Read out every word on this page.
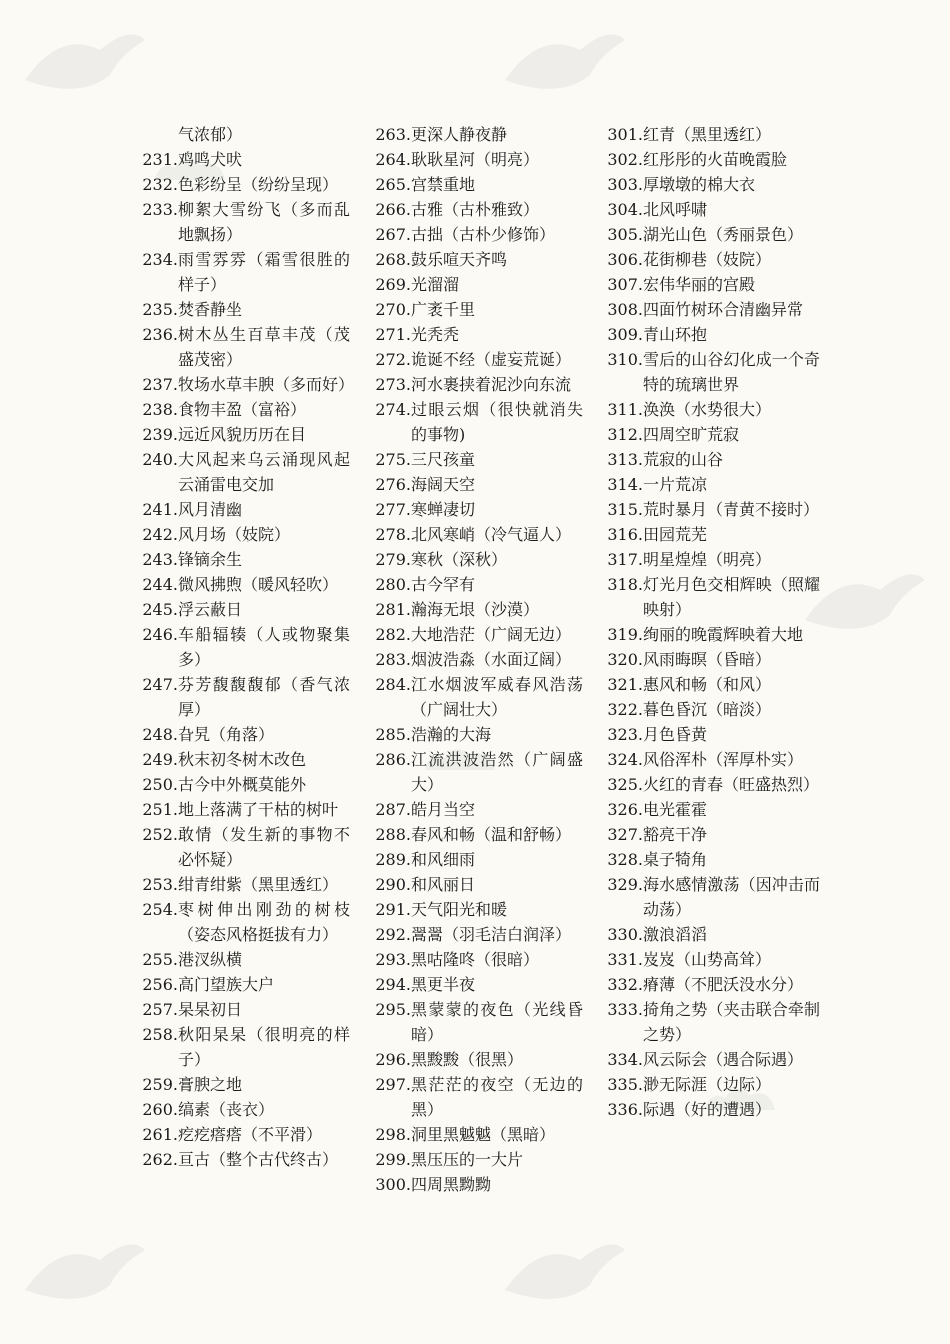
气浓郁）
231. 鸡鸣犬吠
232. 色彩纷呈（纷纷呈现）
233. 柳絮大雪纷飞（多而乱地飘扬）
234. 雨雪雰雰（霜雪很胜的样子）
235. 焚香静坐
236. 树木丛生百草丰茂（茂盛茂密）
237. 牧场水草丰腴（多而好）
238. 食物丰盈（富裕）
239. 远近风貌历历在目
240. 大风起来乌云涌现风起云涌雷电交加
241. 风月清幽
242. 风月场（妓院）
243. 锋镝余生
244. 微风拂煦（暖风轻吹）
245. 浮云蔽日
246. 车船辐辏（人或物聚集多）
247. 芬芳馥馥馥郁（香气浓厚）
248. 旮旯（角落）
249. 秋末初冬树木改色
250. 古今中外概莫能外
251. 地上落满了干枯的树叶
252. 敢情（发生新的事物不必怀疑）
253. 绀青绀紫（黑里透红）
254. 枣树伸出刚劲的树枝（姿态风格挺拔有力）
255. 港汊纵横
256. 高门望族大户
257. 杲杲初日
258. 秋阳杲杲（很明亮的样子）
259. 膏腴之地
260. 缟素（丧衣）
261. 疙疙瘩瘩（不平滑）
262. 亘古（整个古代终古）
263. 更深人静夜静
264. 耿耿星河（明亮）
265. 宫禁重地
266. 古雅（古朴雅致）
267. 古拙（古朴少修饰）
268. 鼓乐喧天齐鸣
269. 光溜溜
270. 广袤千里
271. 光秃秃
272. 诡诞不经（虚妄荒诞）
273. 河水裹挟着泥沙向东流
274. 过眼云烟（很快就消失的事物)
275. 三尺孩童
276. 海阔天空
277. 寒蝉凄切
278. 北风寒峭（冷气逼人）
279. 寒秋（深秋）
280. 古今罕有
281. 瀚海无垠（沙漠）
282. 大地浩茫（广阔无边）
283. 烟波浩淼（水面辽阔）
284. 江水烟波军威春风浩荡（广阔壮大）
285. 浩瀚的大海
286. 江流洪波浩然（广阔盛大）
287. 皓月当空
288. 春风和畅（温和舒畅）
289. 和风细雨
290. 和风丽日
291. 天气阳光和暖
292. 翯翯（羽毛洁白润泽）
293. 黑咕隆咚（很暗）
294. 黑更半夜
295. 黑蒙蒙的夜色（光线昏暗）
296. 黑黢黢（很黑）
297. 黑茫茫的夜空（无边的黑）
298. 洞里黑魆魆（黑暗）
299. 黑压压的一大片
300. 四周黑黝黝
301. 红青（黑里透红）
302. 红彤彤的火苗晚霞脸
303. 厚墩墩的棉大衣
304. 北风呼啸
305. 湖光山色（秀丽景色）
306. 花街柳巷（妓院）
307. 宏伟华丽的宫殿
308. 四面竹树环合清幽异常
309. 青山环抱
310. 雪后的山谷幻化成一个奇特的琉璃世界
311. 涣涣（水势很大）
312. 四周空旷荒寂
313. 荒寂的山谷
314. 一片荒凉
315. 荒时暴月（青黄不接时）
316. 田园荒芜
317. 明星煌煌（明亮）
318. 灯光月色交相辉映（照耀映射）
319. 绚丽的晚霞辉映着大地
320. 风雨晦暝（昏暗）
321. 惠风和畅（和风）
322. 暮色昏沉（暗淡）
323. 月色昏黄
324. 风俗浑朴（浑厚朴实）
325. 火红的青春（旺盛热烈）
326. 电光霍霍
327. 豁亮干净
328. 桌子犄角
329. 海水感情激荡（因冲击而动荡）
330. 激浪滔滔
331. 岌岌（山势高耸）
332. 瘠薄（不肥沃没水分）
333. 掎角之势（夹击联合牵制之势）
334. 风云际会（遇合际遇）
335. 渺无际涯（边际）
336. 际遇（好的遭遇）
